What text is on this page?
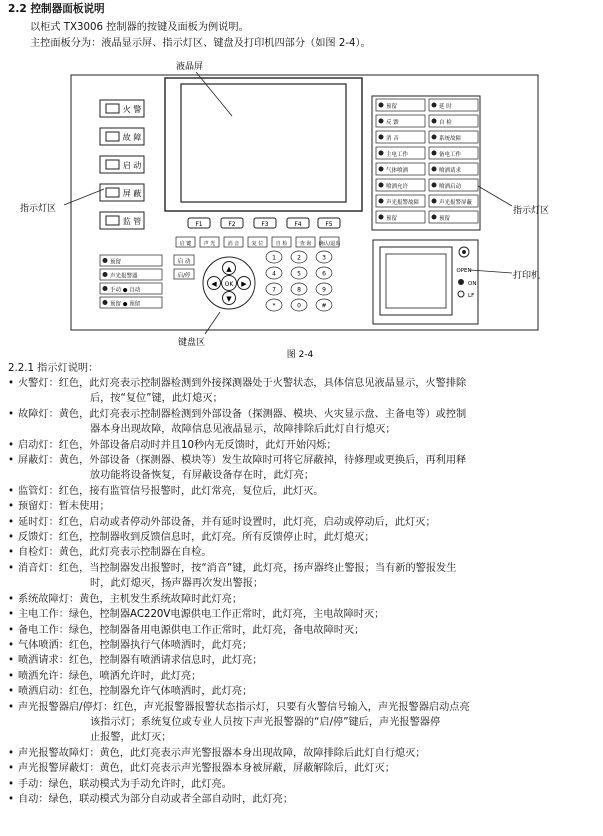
2.2 控制器面板说明
以柜式 TX3006 控制器的按键及面板为例说明。
主控面板分为：液晶显示屏、指示灯区、键盘及打印机四部分（如图 2-4）。
液晶屏
F1	F2	F3	F4	F5
火 警
故 障
启 动
屏 蔽
监 管
指示灯区
预留	延 时
反 馈	自 检
消 音	系统故障
主电工作	备电工作
气体喷洒	喷洒请求
喷洒允许	喷洒启动
声光报警故障	声光报警屏蔽
预留	预留
指示灯区
预留
声光报警器
手动 ● 自动
预留 ● 预留
启 键 声 光 消 音 复 位 自 检 查 询 确认/退出
启 动
启/停
▲
▼
◀	▶
OK
1	2	3
4	5	6
7	8	9
*	0	#
键盘区
OPEN
ON
LF
打印机
图 2-4
2.2.1 指示灯说明：
• 火警灯：红色，此灯亮表示控制器检测到外接探测器处于火警状态，具体信息见液晶显示，火警排除
后，按“复位”键，此灯熄灭；
• 故障灯：黄色，此灯亮表示控制器检测到外部设备（探测器、模块、火灾显示盘、主备电等）或控制
器本身出现故障，故障信息见液晶显示，故障排除后此灯自行熄灭；
• 启动灯：红色，外部设备启动时并且10秒内无反馈时，此灯开始闪烁；
• 屏蔽灯：黄色，外部设备（探测器、模块等）发生故障时可将它屏蔽掉，待修理或更换后，再利用释
放功能将设备恢复，有屏蔽设备存在时，此灯亮；
• 监管灯：红色，接有监管信号报警时，此灯常亮，复位后，此灯灭。
• 预留灯：暂未使用；
• 延时灯：红色，启动或者停动外部设备，并有延时设置时，此灯亮，启动或停动后，此灯灭；
• 反馈灯：红色，控制器收到反馈信息时，此灯亮。所有反馈停止时，此灯熄灭；
• 自检灯：黄色，此灯亮表示控制器在自检。
• 消音灯：红色，当控制器发出报警时，按“消音”键，此灯亮，扬声器终止警报；当有新的警报发生
时，此灯熄灭，扬声器再次发出警报；
• 系统故障灯：黄色，主机发生系统故障时此灯亮；
• 主电工作：绿色，控制器AC220V电源供电工作正常时，此灯亮，主电故障时灭；
• 备电工作：绿色，控制器备用电源供电工作正常时，此灯亮，备电故障时灭；
• 气体喷洒：红色，控制器执行气体喷洒时，此灯亮；
• 喷洒请求：红色，控制器有喷洒请求信息时，此灯亮；
• 喷洒允许：绿色，喷洒允许时，此灯亮；
• 喷洒启动：红色，控制器允许气体喷洒时，此灯亮；
• 声光报警器启/停灯：红色，声光报警器报警状态指示灯，只要有火警信号输入，声光报警器启动点亮
该指示灯；系统复位或专业人员按下声光报警器的“启/停”键后，声光报警器停
止报警，此灯灭；
• 声光报警故障灯：黄色，此灯亮表示声光警报器本身出现故障，故障排除后此灯自行熄灭；
• 声光报警屏蔽灯：黄色，此灯亮表示声光警报器本身被屏蔽，屏蔽解除后，此灯灭；
• 手动：绿色，联动模式为手动允许时，此灯亮。
• 自动：绿色，联动模式为部分自动或者全部自动时，此灯亮；
